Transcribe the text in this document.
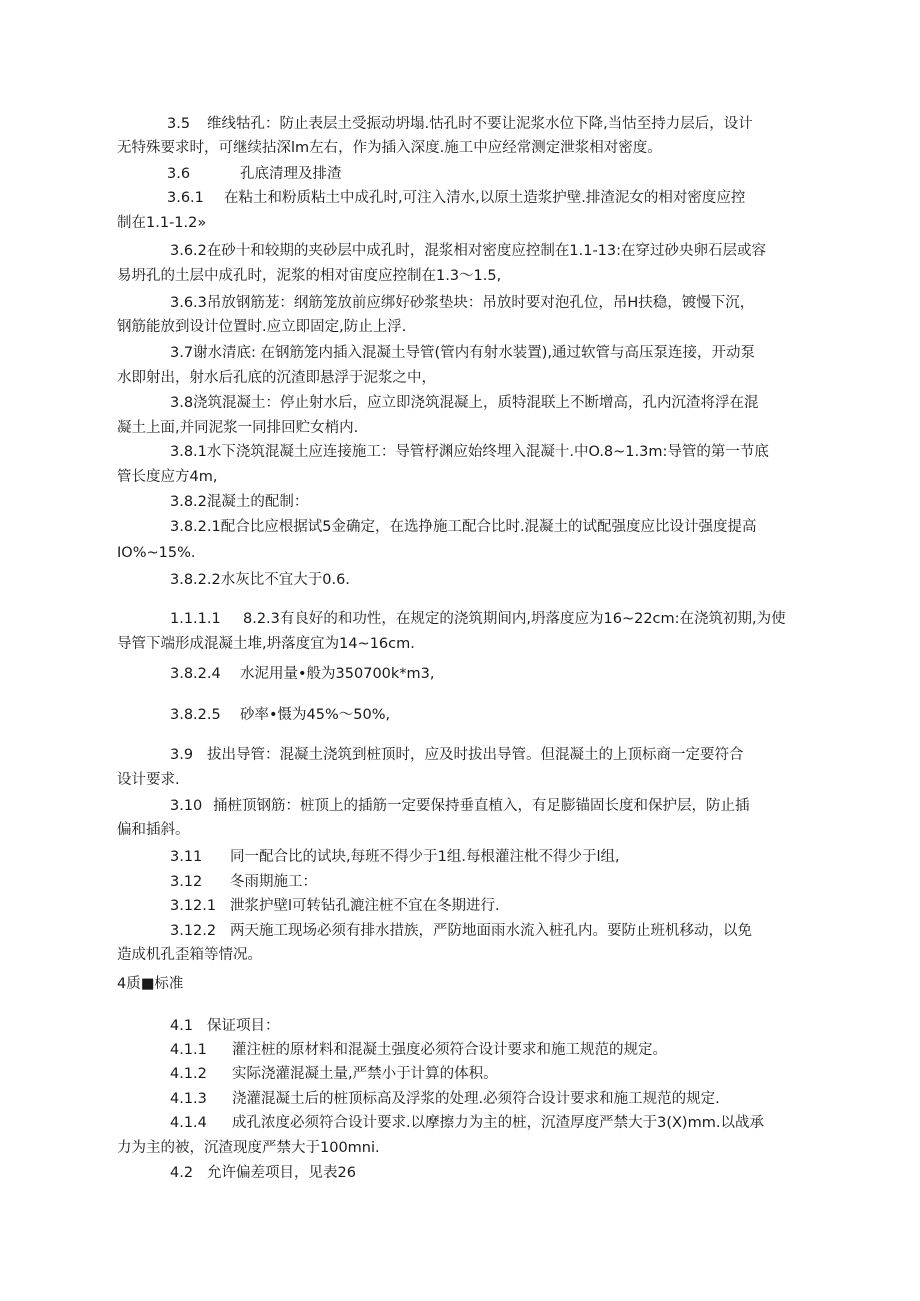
3.5 维线牯孔：防止表层土受振动坍塌.怙孔时不要让泥浆水位下降,当怙至持力层后，设计

无特殊要求时，可继续拈深lm左右，作为插入深度.施工中应经常测定泄浆相对密度。

3.6	孔底清理及排渣

3.6.1 在粘土和粉质粘土中成孔时,可注入清水,以原土造浆护壁.排渣泥女的相对密度应控

制在1.1-1.2»

3.6.2在砂十和较期的夹砂层中成孔时，混浆相对密度应控制在1.1-13:在穿过砂央卵石层或容

易坍孔的土层中成孔时，泥浆的相对宙度应控制在1.3～1.5,

3.6.3吊放钢筋茏：纲筋笼放前应绑好砂浆垫块：吊放时要对泡孔位，吊H扶稳，镀慢下沉，

钢筋能放到设计位置时.应立即固定,防止上浮.

3.7谢水清底: 在钢筋笼内插入混凝土导管(管内有射水装置),通过软管与高压泵连接，开动泵

水即射出，射水后孔底的沉渣即悬浮于泥浆之中，

3.8浇筑混凝土：停止射水后，应立即浇筑混凝上，质特混联上不断增高，孔内沉渣将浮在混

凝土上面,并同泥浆一同排回贮女梢内.

3.8.1水下浇筑混凝土应连接施工：导管杼渊应始终埋入混凝十.中O.8~1.3m:导管的第一节底

管长度应方4m,

3.8.2混凝土的配制：

3.8.2.1配合比应根据试5金确定，在选挣施工配合比时.混凝土的试配强度应比设计强度提高

IO%~15%.

3.8.2.2水灰比不宜大于0.6.

1.1.1.1 8.2.3有良好的和功性，在规定的浇筑期间内,坍落度应为16~22cm:在浇筑初期,为使

导管下端形成混凝土堆,坍落度宜为14~16cm.

3.8.2.4 水泥用量•般为350700k*m3,

3.8.2.5 砂率•慑为45%～50%,

3.9 拔出导管：混凝土浇筑到桩顶时，应及时拔出导管。但混凝土的上顶标商一定要符合

设计要求.

3.10 捅桩顶钢筋：桩顶上的插筋一定要保持垂直植入，有足膨锚固长度和保护层，防止插

偏和插斜。

3.11 同一配合比的试块,每班不得少于1组.每根灌注枇不得少于l组,

3.12 冬雨期施工：

3.12.1 泄浆护壁l可转钻孔漉注桩不宜在冬期进行.

3.12.2 两天施工现场必须有排水措族，严防地面雨水流入桩孔内。要防止班机移动，以免

造成机孔歪箱等情况。

4质■标准

4.1 保证项目：

4.1.1 灌注桩的原材料和混凝土强度必须符合设计要求和施工规范的规定。

4.1.2 实际浇灌混凝土量,严禁小于计算的体积。

4.1.3 浇灌混凝土后的桩顶标高及浮浆的处理.必须符合设计要求和施工规范的规定.

4.1.4 成孔浓度必须符合设计要求.以摩擦力为主的桩，沉渣厚度严禁大于3(X)mm.以战承

力为主的被，沉渣现度严禁大于100mni.

4.2 允许偏差项目，见表26
